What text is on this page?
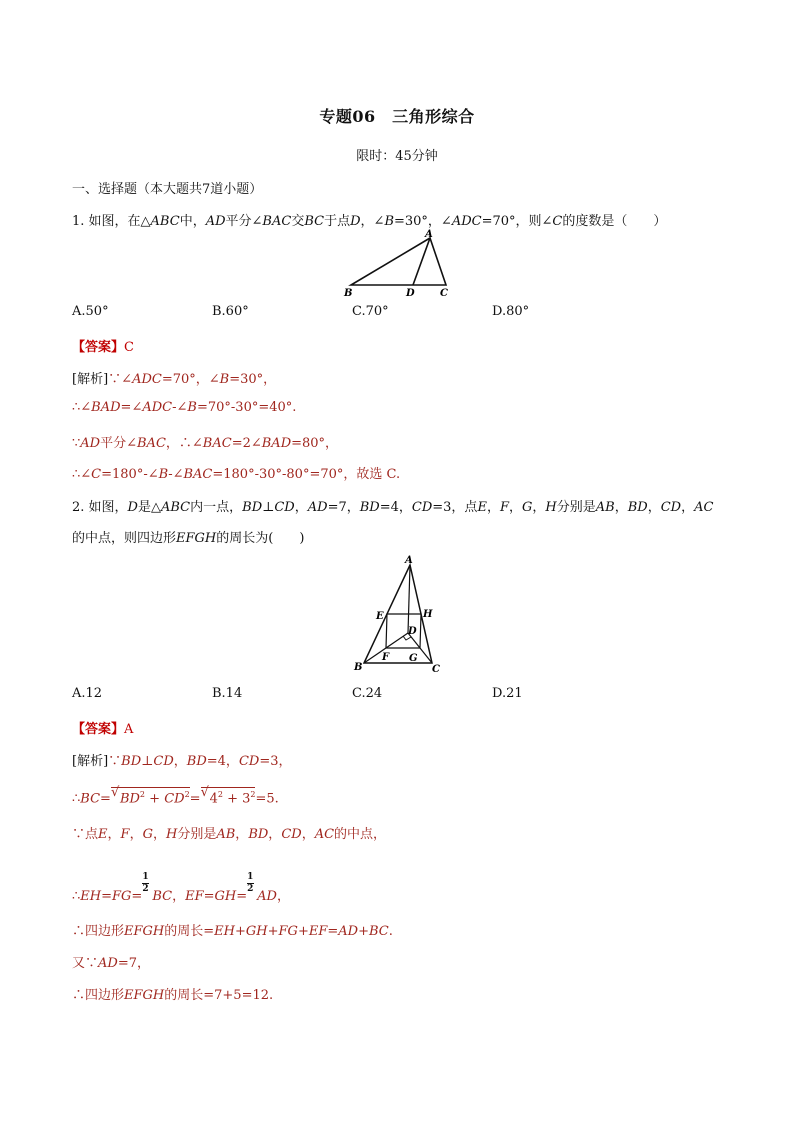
专题06　三角形综合
限时：45分钟
一、选择题（本大题共7道小题）
1. 如图，在△ABC中，AD平分∠BAC交BC于点D，∠B=30°，∠ADC=70°，则∠C的度数是（　　）
A
B	D	C
A.50°	B.60°	C.70°	D.80°
【答案】C
[解析]∵∠ADC=70°，∠B=30°，
∴∠BAD=∠ADC-∠B=70°-30°=40°.
∵AD平分∠BAC，∴∠BAC=2∠BAD=80°，
∴∠C=180°-∠B-∠BAC=180°-30°-80°=70°，故选 C.
2. 如图，D是△ABC内一点，BD⊥CD，AD=7，BD=4，CD=3，点E，F，G，H分别是AB，BD，CD，AC
的中点，则四边形EFGH的周长为(　　)
A
E	H
D
B
F G
C
A.12	B.14	C.24	D.21
【答案】A
[解析]∵BD⊥CD，BD=4，CD=3，
∴BC= √ $BD^2 + CD^2=$ √ $4^2 + 3^2=5$.
∵点E，F，G，H分别是AB，BD，CD，AC的中点，
∴EH=FG= $\frac{1}{2}$ BC，$EF=GH= \frac{1}{2}$ AD，
∴四边形EFGH的周长=EH+GH+FG+EF=AD+BC.
又∵AD=7，
∴四边形EFGH的周长=7+5=12.
